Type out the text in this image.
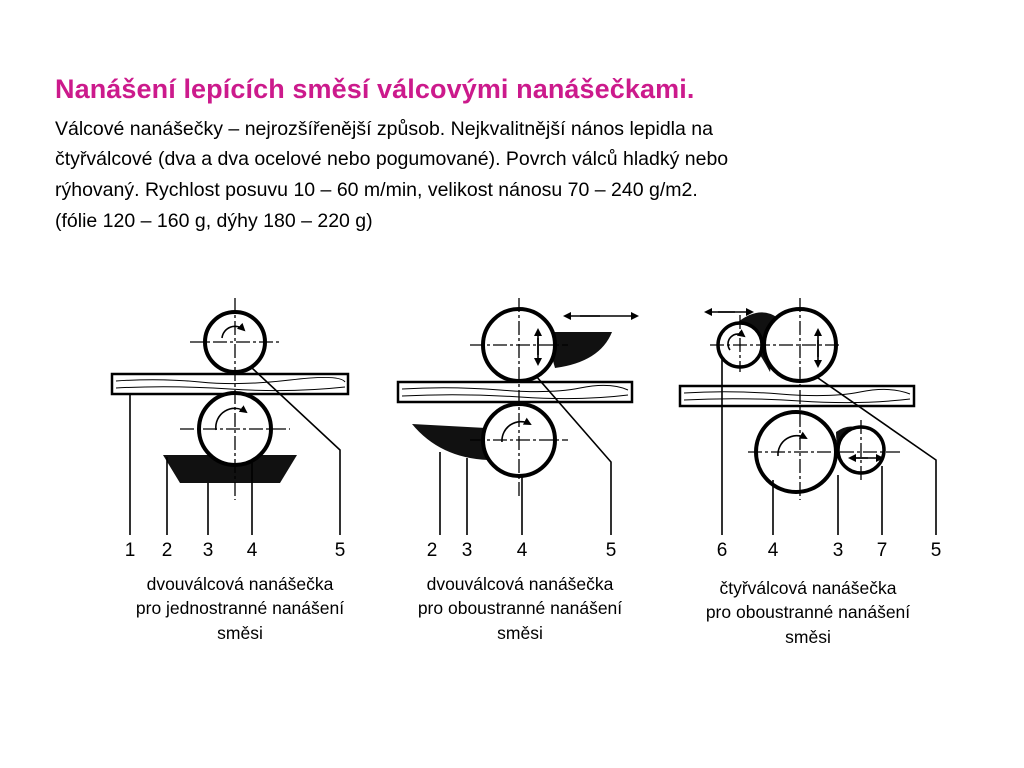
Nanášení lepících směsí válcovými nanášečkami.

Válcové nanášečky – nejrozšířenější způsob. Nejkvalitnější nános lepidla na

čtyřválcové (dva a dva ocelové nebo pogumované). Povrch válců hladký nebo

rýhovaný. Rychlost posuvu 10 – 60 m/min, velikost nánosu 70 – 240 g/m2.

(fólie 120 – 160 g, dýhy 180 – 220 g)

1 2 3 4	5
dvouválcová nanášečka
pro jednostranné nanášení
směsi
2 3 4	5
dvouválcová nanášečka
pro oboustranné nanášení
směsi
6 4	3 7 5
čtyřválcová nanášečka
pro oboustranné nanášení
směsi
